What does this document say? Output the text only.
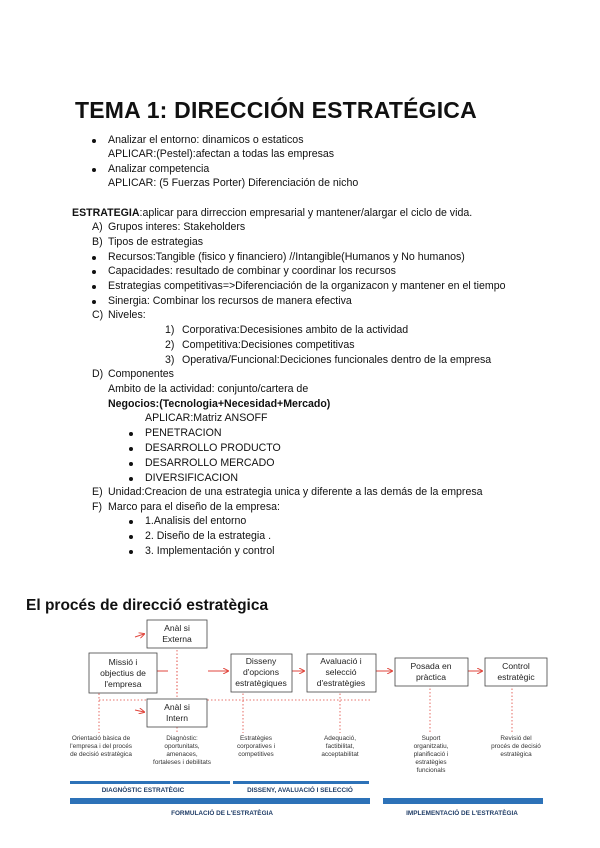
TEMA 1: DIRECCIÓN ESTRATÉGICA
Analizar el entorno: dinamicos o estaticos
APLICAR:(Pestel):afectan a todas las empresas
Analizar competencia
APLICAR: (5 Fuerzas Porter) Diferenciación de nicho
ESTRATEGIA:aplicar para dirreccion empresarial y mantener/alargar el ciclo de vida.
A) Grupos interes: Stakeholders
B) Tipos de estrategias
Recursos:Tangible (fisico y financiero) //Intangible(Humanos y No humanos)
Capacidades: resultado de combinar y coordinar los recursos
Estrategias competitivas=>Diferenciación de la organizacon y mantener en el tiempo
Sinergia: Combinar los recursos de manera efectiva
C) Niveles:
1) Corporativa:Decesisiones ambito de la actividad
2) Competitiva:Decisiones competitivas
3) Operativa/Funcional:Deciciones funcionales dentro de la empresa
D) Componentes
Ambito de la actividad: conjunto/cartera de
Negocios:(Tecnologia+Necesidad+Mercado)
APLICAR:Matriz ANSOFF
PENETRACION
DESARROLLO PRODUCTO
DESARROLLO MERCADO
DIVERSIFICACION
E) Unidad:Creacion de una estrategia unica y diferente a las demás de la empresa
F) Marco para el diseño de la empresa:
1.Analisis del entorno
2. Diseño de la estrategia .
3. Implementación y control
El procés de direcció estratègica
Missió i
objectius de
l'empresa
Anàl si
Externa
Anàl si
Intern
Disseny
d'opcions
estratègiques
Avaluació i
selecció
d'estratègies
Posada en
pràctica
Control
estratègic
Orientació bàsica de
l'empresa i del procés
de decisió estratègica
Diagnòstic:
oportunitats,
amenaces,
fortaleses i debilitats
Estratègies
corporatives i
competitives
Adequació,
factibilitat,
acceptabilitat
Suport
organitzatiu,
planificació i
estratègies
funcionals
Revisió del
procés de decisió
estratègica
DIAGNÒSTIC ESTRATÈGIC	DISSENY, AVALUACIÓ I SELECCIÓ
FORMULACIÓ DE L'ESTRATÈGIA	IMPLEMENTACIÓ DE L'ESTRATÈGIA
